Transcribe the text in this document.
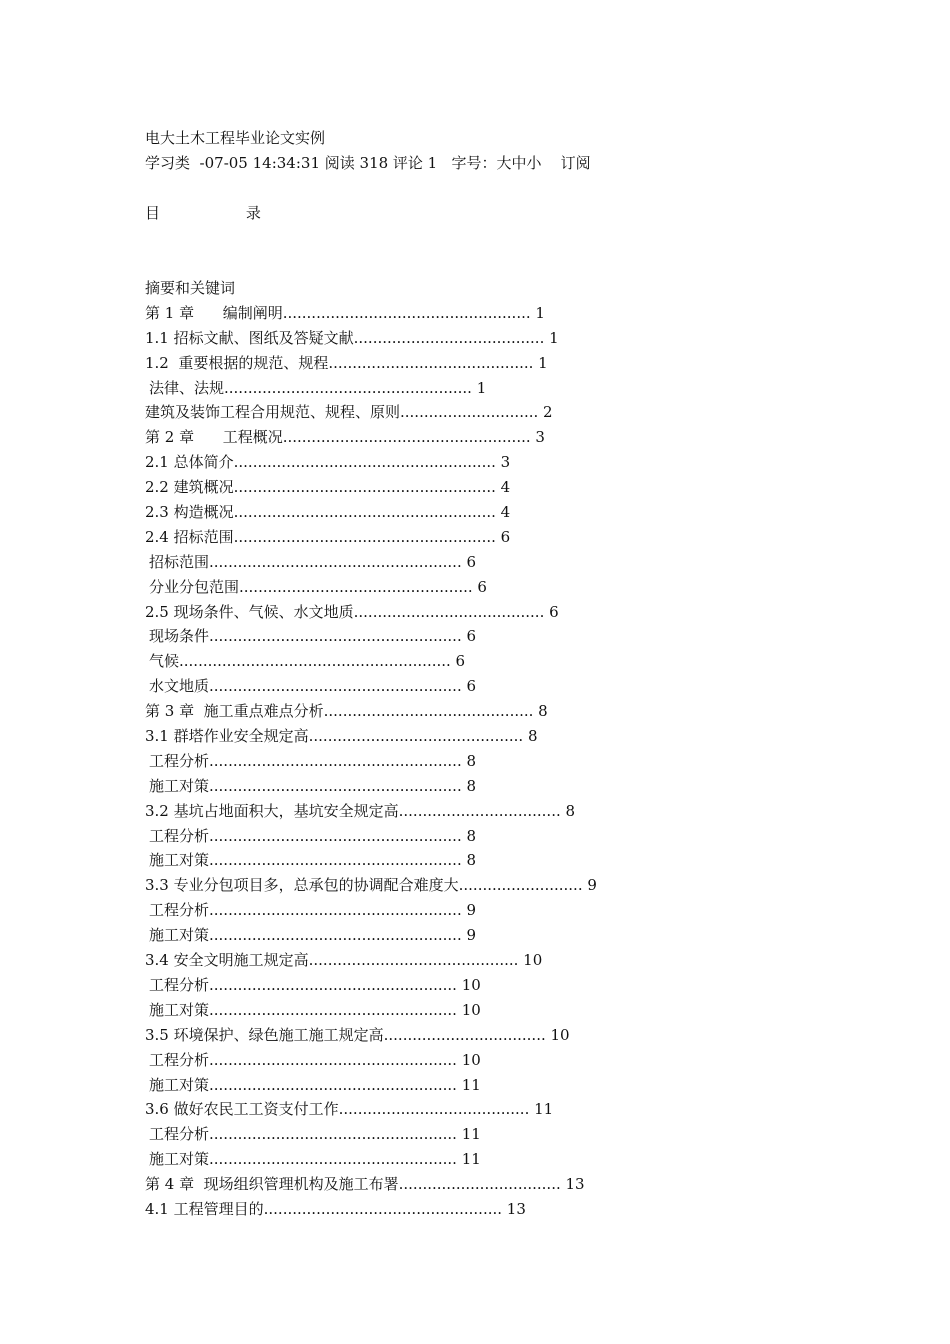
电大土木工程毕业论文实例
学习类  -07-05 14:34:31 阅读 318 评论 1   字号：大中小    订阅
目                  录
摘要和关键词
第 1 章      编制阐明.................................................... 1
1.1 招标文献、图纸及答疑文献........................................ 1
1.2  重要根据的规范、规程........................................... 1
法律、法规.................................................... 1
建筑及装饰工程合用规范、规程、原则............................. 2
第 2 章      工程概况.................................................... 3
2.1 总体简介....................................................... 3
2.2 建筑概况....................................................... 4
2.3 构造概况....................................................... 4
2.4 招标范围....................................................... 6
招标范围..................................................... 6
分业分包范围................................................. 6
2.5 现场条件、气候、水文地质........................................ 6
现场条件..................................................... 6
气候......................................................... 6
水文地质..................................................... 6
第 3 章  施工重点难点分析............................................ 8
3.1 群塔作业安全规定高............................................. 8
工程分析..................................................... 8
施工对策..................................................... 8
3.2 基坑占地面积大，基坑安全规定高.................................. 8
工程分析..................................................... 8
施工对策..................................................... 8
3.3 专业分包项目多，总承包的协调配合难度大.......................... 9
工程分析..................................................... 9
施工对策..................................................... 9
3.4 安全文明施工规定高............................................ 10
工程分析.................................................... 10
施工对策.................................................... 10
3.5 环境保护、绿色施工施工规定高.................................. 10
工程分析.................................................... 10
施工对策.................................................... 11
3.6 做好农民工工资支付工作........................................ 11
工程分析.................................................... 11
施工对策.................................................... 11
第 4 章  现场组织管理机构及施工布署.................................. 13
4.1 工程管理目的.................................................. 13
